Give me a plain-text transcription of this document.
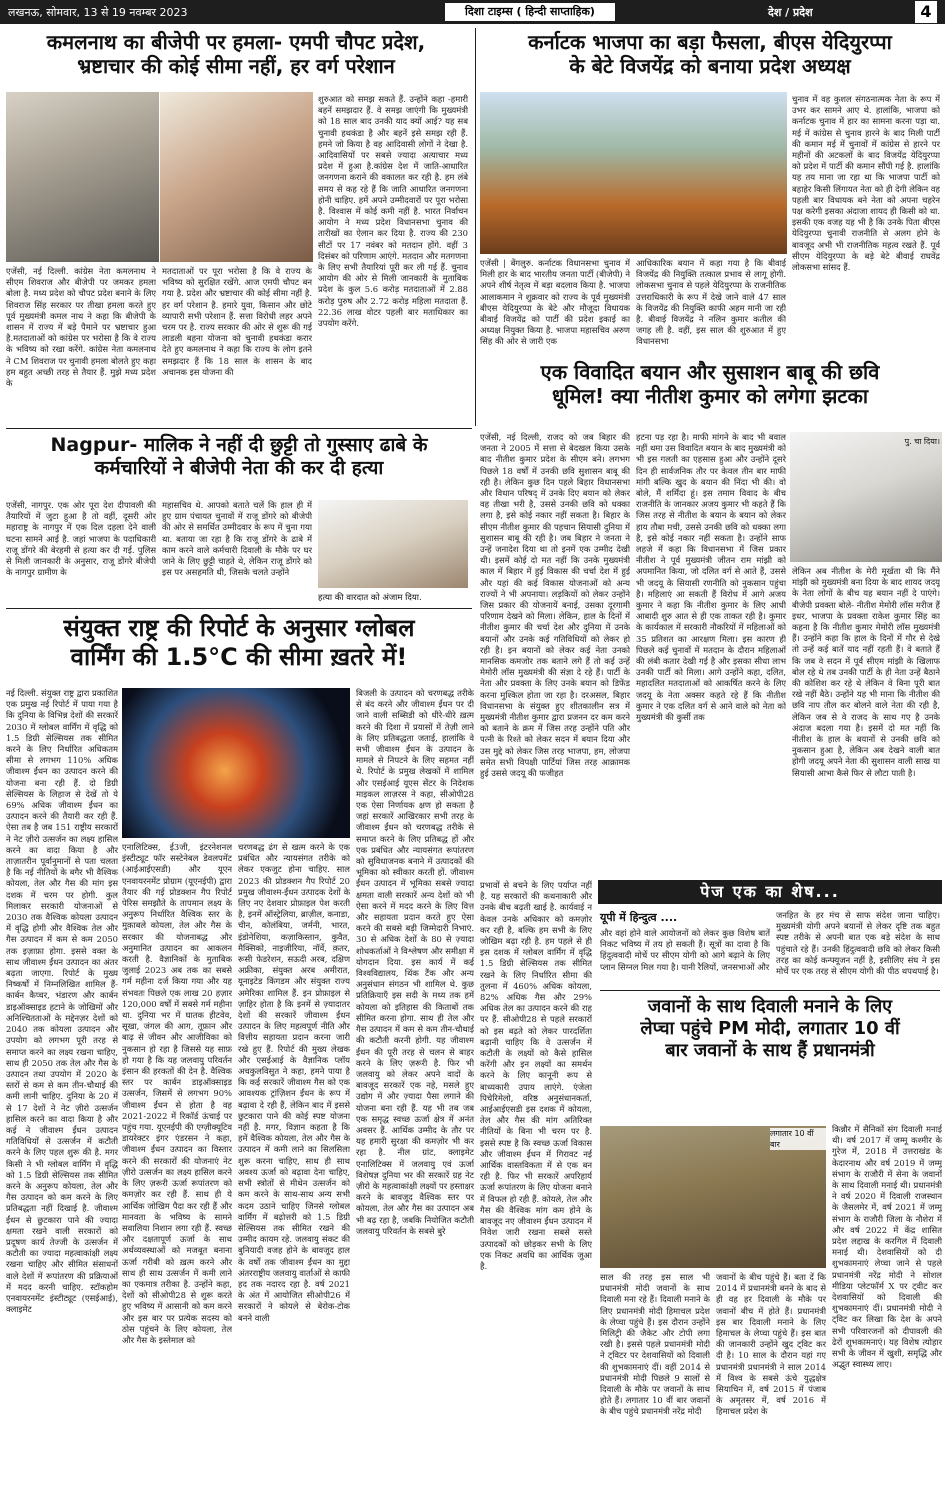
लखनऊ, सोमवार, 13 से 19 नवम्बर 2023	दिशा टाइम्स ( हिन्दी साप्ताहिक)	देश / प्रदेश	4
कमलनाथ का बीजेपी पर हमला- एमपी चौपट प्रदेश,
भ्रष्टाचार की कोई सीमा नहीं, हर वर्ग परेशान
एजेंसी, नई दिल्ली. कांग्रेस नेता कमलनाथ ने सीएम शिवराज और बीजेपी पर जमकर हमला बोला है. मध्य प्रदेश को चौपट प्रदेश बनाने के लिए शिवराज सिंह सरकार पर तीखा हमला करते हुए पूर्व मुख्यमंत्री कमल नाथ ने कहा कि बीजेपी के शासन में राज्य में बड़े पैमाने पर भ्रष्टाचार हुआ है.मतदाताओं को कांग्रेस पर भरोसा है कि वे राज्य के भविष्य को रखा करेंगे. कांग्रेस नेता कमलनाथ ने CM शिवराज पर चुनावी हमला बोलते हुए कहा हम बहुत अच्छी तरह से तैयार हैं. मुझे मध्य प्रदेश के
मतदाताओं पर पूरा भरोसा है कि वे राज्य के भविष्य को सुरक्षित रखेंगे. आज एमपी चौपट बन गया है. प्रदेश और भ्रष्टाचार की कोई सीमा नहीं है. हर वर्ग परेशान है. हमारे युवा, किसान और छोटे व्यापारी सभी परेशान हैं. सत्ता विरोधी लहर अपने चरम पर है. राज्य सरकार की ओर से शुरू की गई लाडली बहना योजना को चुनावी हथकंडा करार देते हुए कमलनाथ ने कहा कि राज्य के लोग इतने समझदार हैं कि 18 साल के शासन के बाद अचानक इस योजना की
शुरुआत को समझ सकते हैं. उन्होंने कहा -हमारी बहनें समझदार हैं. वे समझ जाएंगी कि मुख्यमंत्री को 18 साल बाद उनकी याद क्यों आई? यह सब चुनावी हथकंडा है और बहनें इसे समझ रही हैं. हमने जो किया है वह आदिवासी लोगों ने देखा है. आदिवासियों पर सबसे ज्यादा अत्याचार मध्य प्रदेश में हुआ है.कांग्रेस देश में जाति-आधारित जनगणना कराने की वकालत कर रही है. हम लंबे समय से कह रहे हैं कि जाति आधारित जनगणना होनी चाहिए. हमें अपने उम्मीदवारों पर पूरा भरोसा है. विश्वास में कोई कमी नहीं है. भारत निर्वाचन आयोग ने मध्य प्रदेश विधानसभा चुनाव की तारीखों का ऐलान कर दिया है. राज्य की 230 सीटों पर 17 नवंबर को मतदान होंगे. वहीं 3 दिसंबर को परिणाम आएंगे. मतदान और मतगणना के लिए सभी तैयारियां पूरी कर ली गई हैं. चुनाव आयोग की ओर से मिली जानकारी के मुताबिक प्रदेश के कुल 5.6 करोड़ मतदाताओं में 2.88 करोड़ पुरुष और 2.72 करोड़ महिला मतदाता हैं. 22.36 लाख वोटर पहली बार मताधिकार का उपयोग करेंगे.
कर्नाटक भाजपा का बड़ा फैसला, बीएस येदियुरप्पा
के बेटे विजयेंद्र को बनाया प्रदेश अध्यक्ष
एजेंसी | बेंगलुरु. कर्नाटक विधानसभा चुनाव में मिली हार के बाद भारतीय जनता पार्टी (बीजेपी) ने अपने शीर्ष नेतृत्व में बड़ा बदलाव किया है. भाजपा आलाकमान ने शुक्रवार को राज्य के पूर्व मुख्यमंत्री बीएस येदियुरप्पा के बेटे और मौजूदा विधायक बीवाई विजयेंद्र को पार्टी की प्रदेश इकाई का अध्यक्ष नियुक्त किया है. भाजपा महासचिव अरुण सिंह की ओर से जारी एक
आधिकारिक बयान में कहा गया है कि बीवाई विजयेंद्र की नियुक्ति तत्काल प्रभाव से लागू होगी. लोकसभा चुनाव से पहले येदियुरप्पा के राजनीतिक उत्तराधिकारी के रूप में देखे जाने वाले 47 साल के विजयेंद्र की नियुक्ति काफी अहम मानी जा रही है. बीवाई विजयेंद्र ने नलिन कुमार कतील की जगह ली है. वहीं, इस साल की शुरुआत में हुए विधानसभा
चुनाव में वह कुशल संगठनात्मक नेता के रूप में उभर कर सामने आए थे. हालांकि, भाजपा को कर्नाटक चुनाव में हार का सामना करना पड़ा था. मई में कांग्रेस से चुनाव हारने के बाद मिली पार्टी की कमान मई में चुनावों में कांग्रेस से हारने पर महीनों की अटकलों के बाद विजयेंद्र येदियुरप्पा को प्रदेश में पार्टी की कमान सौंपी गई है. हालांकि यह तय माना जा रहा था कि भाजपा पार्टी को बहाहेर किसी लिंगायत नेता को ही देगी लेकिन वह पहली बार विधायक बने नेता को अपना चहरेन पक्ष करेगी इसका अंदाजा शायद ही किसी को था. इसकी एक वजह यह भी है कि उनके पिता बीएस येदियुरप्पा चुनावी राजनीति से अलग होने के बावजूद अभी भी राजनीतिक महत्व रखते हैं. पूर्व सीएम येदियुरप्पा के बड़े बेटे बीवाई राघवेंद्र लोकसभा सांसद हैं.
एक विवादित बयान और सुसाशन बाबू की छवि
धूमिल! क्या नीतीश कुमार को लगेगा झटका
एजेंसी, नई दिल्ली, राजद को जब बिहार की जनता ने 2005 में सत्ता से बेदखल किया उसके बाद नीतीश कुमार प्रदेश के सीएम बने। लगभग पिछले 18 वर्षों में उनकी छवि सुशासन बाबू की रही है। लेकिन कुछ दिन पहले बिहार विधानसभा और विधान परिषद् में उनके दिए बयान को लेकर वह तीखा भरी है, उससे उनकी छवि को धक्का लगा है, इसे कोई नकार नहीं सकता है। बिहार के सीएम नीतीश कुमार की पहचान सियासी दुनिया में सुशासन बाबू की रही है। जब बिहार ने जनता ने उन्हें जनादेश दिया था तो इनमें एक उम्मीद देखी थी। इसमें कोई दो मत नहीं कि उनके मुख्यमंत्री काल में बिहार में हुई विकास की चर्चा देश में हुई और यहां की कई विकास योजनाओं को अन्य राज्यों ने भी अपनाया। लड़कियों को लेकर उन्होंने जिस प्रकार की योजनायें बनाई, उसका दूरगामी परिणाम देखने को मिला। लेकिन, हाल के दिनों में नीतीश कुमार की चर्चा देश और दुनिया में उनके बयानों और उनके कई गतिविधियों को लेकर हो रही है। इन बयानों को लेकर कई नेता उनको मानसिक कमजोर तक बताने लगे हैं तो कई उन्हें मेमोरी लॉस मुख्यमंत्री की संज्ञा दे रहे हैं। पार्टी के नेता और प्रवक्ता के लिए उनके बयान को डिफेंड करना मुश्किल होता जा रहा है। दरअसल, बिहार विधानसभा के संयुक्त हुए शीतकालीन सत्र में मुख्यमंत्री नीतीश कुमार द्वारा प्रजनन दर कम करने को बताने के क्रम में जिस तरह उन्होंने पति और पत्नी के रिश्ते को लेकर सदन में बयान दिया और उस मुद्दे को लेकर जिस तरह भाजपा, हम, लोजपा समेत सभी विपक्षी पार्टियां जिस तरह आक्रामक हुई उससे जदयू की फजीहत
हटना पड़ रहा है। माफी मांगने के बाद भी बवाल नहीं थमा उस विवादित बयान के बाद मुख्यमंत्री को भी इस गलती का एहसास हुआ और उन्होंने दूसरे दिन ही सार्वजनिक तौर पर केवल तीन बार माफी मांगी बल्कि खुद के बयान की निंदा भी की। वो बोले, मैं शर्मिंदा हूं। इस तमाम विवाद के बीच राजनीति के जानकार अजय कुमार भी कहते हैं कि जिस तरह से नीतीश के बयान के बयान को लेकर हाय तौबा मची, उससे उनकी छवि को धक्का लगा है, इसे कोई नकार नहीं सकता है। उन्होंने साफ लहजे में कहा कि विधानसभा में जिस प्रकार नीतीश ने पूर्व मुख्यमंत्री जीतन राम मांझी को अपमानित किया, जो दलित वर्ग से आते हैं, उससे भी जदयू के सियासी रणनीति को नुकसान पहुंचा है। महिलाएं आ सकती हैं विरोध में आगे अजय कुमार ने कहा कि नीतीश कुमार के लिए आधी आबादी शुरु आत से ही एक ताकत रही है। कुमार के कार्यकाल में सरकारी नौकरियों में महिलाओं को 35 प्रतिशत का आरक्षण मिला। इस कारण ही पिछले कई चुनावों में मतदान के दौरान महिलाओं की लंबी कतार देखी गई है और इसका सीधा लाभ उनकी पार्टी को मिला। आगे उन्होंने कहा, दलित, महादलित मतदाताओं को आकर्षित करने के लिए जदयू के नेता अक्सर कहते रहे हैं कि नीतीश कुमार ने एक दलित वर्ग से आने वाले को नेता को मुख्यमंत्री की कुर्सी तक
पु. चा दिया।
लेकिन अब नीतीश के मेरी मूर्खता थी कि मैंने मांझी को मुख्यमंत्री बना दिया के बाद शायद जदयू के नेता लोगों के बीच यह बयान नहीं दे पाएंगे। बीजेपी प्रवक्ता बोले- नीतीश मेमोरी लॉस मरीज हैं इधर, भाजपा के प्रवक्ता राकेश कुमार सिंह का कहना है कि नीतीश कुमार मेमोरी लॉस मुख्यमंत्री हैं। उन्होंने कहा कि हाल के दिनों में गौर से देखे तो उन्हें कई बातें याद नहीं रहती हैं। वे बताते हैं कि जब वे सदन में पूर्व सीएम मांझी के खिलाफ बोल रहे थे तब उनकी पार्टी के ही नेता उन्हें बैठाने की कोशिश कर रहे थे लेकिन वे बिना पूरी बात रखे नहीं बैठे। उन्होंने यह भी माना कि नीतीश की छवि नाप तौल कर बोलने वाले नेता की रही है, लेकिन जब से वे राजद के साथ गए है उनके अंदाज बदला गया है। इसमें दो मत नहीं कि नीतीश के हाल के बयानों से उनकी छवि को नुकसान हुआ है, लेकिन अब देखने वाली बात होगी जदयू अपने नेता की सुशासन वाली साख या सियासी आभा कैसे फिर से लौटा पाती है।
Nagpur- मालिक ने नहीं दी छुट्टी तो गुस्साए ढाबे के
कर्मचारियों ने बीजेपी नेता की कर दी हत्या
एजेंसी, नागपुर. एक ओर पूरा देश दीपावली की तैयारियों में जुटा हुआ है तो वहीं, दूसरी ओर महाराष्ट्र के नागपुर में एक दिल दहला देने वाली घटना सामने आई है. जहां भाजपा के पदाधिकारी राजू डोंगरे की बेरहमी से हत्या कर दी गई. पुलिस से मिली जानकारी के अनुसार, राजू डोंगरे बीजेपी के नागपुर ग्रामीण के
महासचिव थे. आपको बताते चलें कि हाल ही में हुए ग्राम पंचायत चुनावों में राजू डोंगरे को बीजेपी की ओर से समर्थित उम्मीदवार के रूप में चुना गया था. बताया जा रहा है कि राजू डोंगरे के ढाबे में काम करने वाले कर्मचारी दिवाली के मौके पर घर जाने के लिए छुट्टी चाहते थे, लेकिन राजू डोंगरे को इस पर असहमति थी, जिसके चलते उन्होंने
हत्या की वारदात को अंजाम दिया.
संयुक्त राष्ट्र की रिपोर्ट के अनुसार ग्लोबल
वार्मिंग की 1.5°C की सीमा ख़तरे में!
नई दिल्ली. संयुक्त राष्ट्र द्वारा प्रकाशित एक प्रमुख नई रिपोर्ट में पाया गया है कि दुनिया के विभिन्न देशों की सरकारें 2030 में ग्लोबल वार्मिंग में वृद्धि को 1.5 डिग्री सेल्सियस तक सीमित करने के लिए निर्धारित अधिकतम सीमा से लगभग 110% अधिक जीवाश्म ईंधन का उत्पादन करने की योजना बना रही हैं. दो डिग्री सेल्सियस के लिहाज से देखें तो ये 69% अधिक जीवाश्म ईंधन का उत्पादन करने की तैयारी कर रही हैं. ऐसा तब है जब 151 राष्ट्रीय सरकारों ने नेट ज़ीरो उत्सर्जन का लक्ष्य हासिल करने का वादा किया है और ताज़ातरीन पूर्वानुमानों से पता चलता है कि नई नीतियों के बगैर भी वैश्विक कोयला, तेल और गैस की मांग इस दशक में चरम पर होगी. कुल मिलाकर सरकारी योजनाओं से 2030 तक वैश्विक कोयला उत्पादन में वृद्धि होगी और वैश्विक तेल और गैस उत्पादन में कम से कम 2050 तक इज़ाफ़ा होगा. इससे वक्त के साथ जीवाश्म ईंधन उत्पादन का अंतर बढ़ता जाएगा. रिपोर्ट के मुख्य निष्कर्षों में निम्नलिखित शामिल हैं- कार्बन कैप्चर, भंडारण और कार्बन डाइऑक्साइड हटाने के जोखिमों और अनिश्चितताओं के मद्देनज़र देशों को 2040 तक कोयला उत्पादन और उपयोग को लगभग पूरी तरह से समाप्त करने का लक्ष्य रखना चाहिए, साथ ही 2050 तक तेल और गैस के उत्पादन तथा उपयोग में 2020 के स्तरों से कम से कम तीन-चौथाई की कमी लानी चाहिए. दुनिया के 20 में से 17 देशों ने नेट ज़ीरो उत्सर्जन हासिल करने का वादा किया है और कई ने जीवाश्म ईंधन उत्पादन गतिविधियों से उत्सर्जन में कटौती करने के लिए पहल शुरू की है. मगर किसी ने भी ग्लोबल वार्मिंग में वृद्धि को 1.5 डिग्री सेल्सियस तक सीमित करने के अनुरूप कोयला, तेल और गैस उत्पादन को कम करने के लिए प्रतिबद्धता नहीं दिखाई है. जीवाश्म ईंधन से छुटकारा पाने की ज्यादा क्षमता रखने वाली सरकारों को प्रदूषण कार्य तेज्जी के उत्सर्जन में कटौती का ज्यादा महत्वाकांक्षी लक्ष्य रखना चाहिए और सीमित संसाधनों वाले देशों में रूपांतरण की प्रक्रियाओं में मदद करनी चाहिए. स्टॉकहोम एनवायरनमेंट इंस्टीट्यूट (एसईआई), क्लाइमेट
एनालिटिक्स, ई3जी, इंटरनेशनल इंस्टीट्यूट फॉर सस्टेनेबल डेवलपमेंट (आईआईएसडी) और यूएन एनवायरनमेंट प्रोग्राम (यूएनईपी) द्वारा तैयार की गई प्रोडक्शन गैप रिपोर्ट पेरिस समझौते के तापमान लक्ष्य के अनुरूप निर्धारित वैश्विक स्तर के मुक़ाबले कोयला, तेल और गैस के सरकार की योजनाबद्ध और अनुमानित उत्पादन का आकलन करती है. वैज्ञानिकों के मुताबिक जुलाई 2023 अब तक का सबसे गर्म महीना दर्ज किया गया और यह संभवतः पिछले एक लाख 20 हज़ार 120,000 वर्षों में सबसे गर्म महीना था. दुनिया भर में घातक हीटवेव, सूखा, जंगल की आग, तूफ़ान और बाढ़ से जीवन और आजीविका को नुकसान हो रहा है जिससे यह साफ़ हो गया है कि यह जलवायु परिवर्तन इंसान की हरकतों की देन है. वैश्विक स्तर पर कार्बन डाइऑक्साइड उत्सर्जन, जिसमें से लगभग 90% जीवाश्म ईंधन से होता है वह 2021-2022 में रिकॉर्ड ऊंचाई पर पहुंच गया. यूएनईपी की एग्ज़ीक्यूटिव डायरेक्टर इंगर एंडरसन ने कहा, जीवाश्म ईंधन उत्पादन का विस्तार करने की सरकारों की योजनाएं नेट ज़ीरो उत्सर्जन का लक्ष्य हासिल करने के लिए ज़रूरी ऊर्जा रूपांतरण को कमज़ोर कर रही हैं. साथ ही ये आर्थिक जोखिम पैदा कर रही हैं और मानवता के भविष्य के सामने सवालिया निशान लगा रही हैं. स्वच्छ और दक्षतापूर्ण ऊर्जा के साथ अर्थव्यवस्थाओं को मजबूत बनाना ऊर्जा गरीबी को ख़त्म करने और साथ ही साथ उत्सर्जन में कमी लाने का एकमात्र तरीका है. उन्होंने कहा, देशों को सीओपी28 से शुरू करते हुए भविष्य में आसानी को कम करने और इस बार पर प्रत्येक सदस्य को ठोस पहुंचने के लिए कोयला, तेल और गैस के इस्तेमाल को
चरणबद्ध ढंग से खत्म करने के एक प्रबंधित और न्यायसंगत तरीके को लेकर एकजुट होना चाहिए. साल 2023 की प्रोडक्शन गैप रिपोर्ट 20 प्रमुख जीवाश्म-ईंधन उत्पादक देशों के लिए नए देशवार प्रोफ़ाइल पेश करती है, इनमें ऑस्ट्रेलिया, ब्राज़ील, कनाडा, चीन, कोलंबिया, जर्मनी, भारत, इंडोनेशिया, कज़ाकिस्तान, कुवैत, मैक्सिको, नाइजीरिया, नॉर्वे, क़तर, रूसी फेडरेशन, सऊदी अरब, दक्षिण अफ्रीका, संयुक्त अरब अमीरात, यूनाइटेड किंगडम और संयुक्त राज्य अमेरिका शामिल हैं. इन प्रोफ़ाइल से ज़ाहिर होता है कि इनमें से ज़्यादातर देशों की सरकारें जीवाश्म ईंधन उत्पादन के लिए महत्वपूर्ण नीति और वित्तीय सहायता प्रदान करना जारी रखे हुए हैं. रिपोर्ट की मुख्य लेखक और एसईआई के वैज्ञानिक प्लॉय अचकुलविसुत ने कहा, हमने पाया है कि कई सरकारें जीवाश्म गैस को एक आवश्यक ट्रांज़िशन ईंधन के रूप में बढ़ावा दे रही हैं, लेकिन बाद में इससे छुटकारा पाने की कोई स्पष्ट योजना नहीं है. मगर, विज्ञान कहता है कि हमें वैश्विक कोयला, तेल और गैस के उत्पादन में कमी लाने का सिलसिला शुरू करना चाहिए, साथ ही साथ अवश्य ऊर्जा को बढ़ावा देना चाहिए, सभी स्त्रोतों से मीथेन उत्सर्जन को कम करने के साथ-साथ अन्य सभी कदम उठाने चाहिए जिनसे ग्लोबल वार्मिंग में बढ़ोत्तरी को 1.5 डिग्री सेल्सियस तक सीमित रखने की उम्मीद कायम रहे. जलवायु संकट की बुनियादी वजह होने के बावजूद हाल के वर्षों तक जीवाश्म ईंधन का मुद्दा अंतरराष्ट्रीय जलवायु वार्ताओं से काफी हद तक नदारद रहा है. वर्ष 2021 के अंत में आयोजित सीओपी26 में सरकारों ने कोयले से बेरोक-टोक बनने वाली
बिजली के उत्पादन को चरणबद्ध तरीके से बंद करने और जीवाश्म ईंधन पर दी जाने वाली सब्सिडी को धीरे-धीरे ख़त्म करने की दिशा में प्रयासों में तेज़ी लाने के लिए प्रतिबद्धता जताई, हालांकि वे सभी जीवाश्म ईंधन के उत्पादन के मामले से निपटने के लिए सहमत नहीं थे. रिपोर्ट के प्रमुख लेखकों में शामिल और एसईआई यूएस सेंटर के निदेशक माइकल लाज़रस ने कहा, सीओपी28 एक ऐसा निर्णायक क्षण हो सकता है जहां सरकारें आखिरकार सभी तरह के जीवाश्म ईंधन को चरणबद्ध तरीके से समाप्त करने के लिए प्रतिबद्ध हों और एक प्रबंधित और न्यायसंगत रूपांतरण को सुविधाजनक बनाने में उत्पादकों की भूमिका को स्वीकार करती हों. जीवाश्म ईंधन उत्पादन में भूमिका सबसे ज्यादा क्षमता वाली सरकारें अन्य देशों को भी ऐसा करने में मदद करने के लिए वित्त और सहायता प्रदान करते हुए ऐसा करने की सबसे बड़ी जिम्मेदारी निभाएं. 30 से अधिक देशों के 80 से ज़्यादा शोधकर्ताओं ने विश्लेषण और समीक्षा में योगदान दिया. इस कार्य में कई विश्वविद्यालय, थिंक टैंक और अन्य अनुसंधान संगठन भी शामिल थे. कुछ प्रतिक्रियाएँ इस सदी के मध्य तक हमें कोयला को इतिहास की किताबों तक सीमित करना होगा. साथ ही तेल और गैस उत्पादन में कम से कम तीन-चौथाई की कटौती करनी होगी. यह जीवाश्म ईंधन की पूरी तरह से चलन से बाहर करने के लिए ज़रूरी है. फिर भी जलवायु को लेकर अपने वादों के बावजूद सरकारें एक नहे, मसले हुए उद्योग में और ज़्यादा पैसा लगाने की योजना बना रही हैं. यह भी तब जब एक समृद्ध स्वच्छ ऊर्जा क्षेत्र में अनंत अवसर हैं. आर्थिक उम्मीद के तौर पर यह हमारी सुरक्षा की कमज़ोर भी कर रहा है. नील ग्रांट, क्लाइमेट एनालिटिक्स में जलवायु एवं ऊर्जा विशेषज्ञ दुनिया भर की सरकारें ग्रह नेट ज़ीरो के महत्वाकांक्षी लक्ष्यों पर हस्ताक्षर करने के बावजूद वैश्विक स्तर पर कोयला, तेल और गैस का उत्पादन अब भी बढ़ रहा है, जबकि नियोजित कटौती जलवायु परिवर्तन के सबसे बुरे
प्रभावों से बचने के लिए पर्याप्त नहीं है. यह सरकारों की कथनाकारी और उनके बीच बढ़ती खाई है. कार्यवाई न केवल उनके अधिकार को कमज़ोर कर रही है, बल्कि हम सभी के लिए जोखिम बढ़ा रही है. हम पहले से ही इस दशक में ग्लोबल वार्मिंग में वृद्धि 1.5 डिग्री सेल्सियस तक सीमित रखने के लिए निर्धारित सीमा की तुलना में 460% अधिक कोयला, 82% अधिक गैस और 29% अधिक तेल का उत्पादन करने की राह पर हैं. सीओपी28 से पहले सरकारों को इस बढ़ते को लेकर पारदर्शिता बढ़ानी चाहिए कि वे उत्सर्जन में कटौती के लक्ष्यों को कैसे हासिल करेंगी और इन लक्ष्यों का समर्थन करने के लिए कानूनी रूप से बाध्यकारी उपाय लाएंगे. एंजेला पिचेरिमेलो, वरिष्ठ अनुसंधानकर्ता, आईआईएसडी इस दशक में कोयला, तेल और गैस की मांग अतिरिक्त नीतियों के बिना भी चरम पर है. इससे स्पष्ट है कि स्वच्छ ऊर्जा विकास और जीवाश्म ईंधन में गिरावट नई आर्थिक वास्तविकता में से एक बन रही है. फिर भी सरकारें अपरिहार्य ऊर्जा रूपांतरण के लिए योजना बनाने में विफल हो रही हैं. कोयले, तेल और गैस की वैश्विक मांग कम होने के बावजूद नए जीवाश्म ईंधन उत्पादन में निवेश जारी रखना सबसे सस्ते उत्पादकों को छोड़कर सभी के लिए एक निकट अवधि का आर्थिक जुआ है.
पेज एक का शेष...
यूपी में हिन्दुत्व ....
और वहां होने वाले आयोजनों को लेकर कुछ विशेष बातें निकट भविष्य में तय हो सकती हैं। सूत्रों का दावा है कि हिंदुत्ववादी मोर्चे पर सीएम योगी को आगे बढ़ाने के लिए प्लान सिग्नल मिल गया है। यानी रैलियों, जनसभाओं और
जनहित के हर मंच से साफ संदेश जाना चाहिए। मुख्यमंत्री योगी अपने बयानों से लेकर दृष्टि तक बहुत स्पष्ट तरीके से अपनी बात एक बड़े संदेश के साथ पहुंचाते रहे हैं। उनकी हिंदुत्ववादी छवि को लेकर किसी तरह का कोई कन्फ्यूजन नहीं है, इसीलिए संघ ने इस मोर्चे पर एक तरह से सीएम योगी की पीठ थपथपाई है।
जवानों के साथ दिवाली मनाने के लिए
लेप्चा पहुंचे PM मोदी, लगातार 10 वीं
बार जवानों के साथ हैं प्रधानमंत्री
लगातार 10 वीं बार
साल की तरह इस साल भी प्रधानमंत्री मोदी जवानों के साथ दिवाली मना रहे हैं। दिवाली मनाने के लिए प्रधानमंत्री मोदी हिमाचल प्रदेश के लेप्चा पहुंचे हैं। इस दौरान उन्होंने मिलिट्री की जैकेट और टोपी लगा रखी है। इससे पहले प्रधानमंत्री मोदी ने ट्विटर पर देशवासियों को दिवाली की शुभकामनाएं दीं। वहीं 2014 से प्रधानमंत्री मोदी पिछले 9 सालों से दिवाली के मौके पर जवानों के साथ होते हैं। लगातार 10 वीं बार जवानों के बीच पहुंचे प्रधानमंत्री नरेंद्र मोदी
जवानों के बीच पहुंचे हैं। बता दें कि 2014 में प्रधानमंत्री बनने के बाद से ही वह हर दिवाली के मौके पर जवानों बीच में होते हैं। प्रधानमंत्री इस बार दिवाली मनाने के लिए हिमाचल के लेप्चा पहुंचे हैं। इस बात की जानकारी उन्होंने खुद ट्विट कर दी है। 10 साल के दौरान यहां गए प्रधानमंत्री प्रधानमंत्री ने साल 2014 में विश्व के सबसे ऊंचे युद्धक्षेत्र सियाचिन में, वर्ष 2015 में पंजाब के अमृतसर में, वर्ष 2016 में हिमाचल प्रदेश के
किन्नौर में सैनिकों संग दिवाली मनाई थी। वर्ष 2017 में जम्मू कश्मीर के गुरेज में, 2018 में उत्तराखंड के केदारनाथ और वर्ष 2019 में जम्मू संभाग के राजौरी में सेना के जवानों के साथ दिवाली मनाई थी। प्रधानमंत्री ने वर्ष 2020 में दिवाली राजस्थान के जैसलमेर में, वर्ष 2021 में जम्मू संभाग के राजौरी जिला के नौशेरा में और वर्ष 2022 में केंद्र शासित प्रदेश लद्दाख के करगिल में दिवाली मनाई थी। देशवासियों को दी शुभकामनाएं लेप्चा जाने से पहले प्रधानमंत्री नरेंद्र मोदी ने सोशल मीडिया प्लेटफॉर्म X पर ट्वीट कर देशवासियों को दिवाली की शुभकामनाएं दीं। प्रधानमंत्री मोदी ने ट्विट कर लिखा कि देश के अपने सभी परिवारजनों को दीपावली की ढेरों शुभकामनाएं। यह विशेष त्योहार सभी के जीवन में खुशी, समृद्धि और अद्भुत स्वास्थ्य लाए।
